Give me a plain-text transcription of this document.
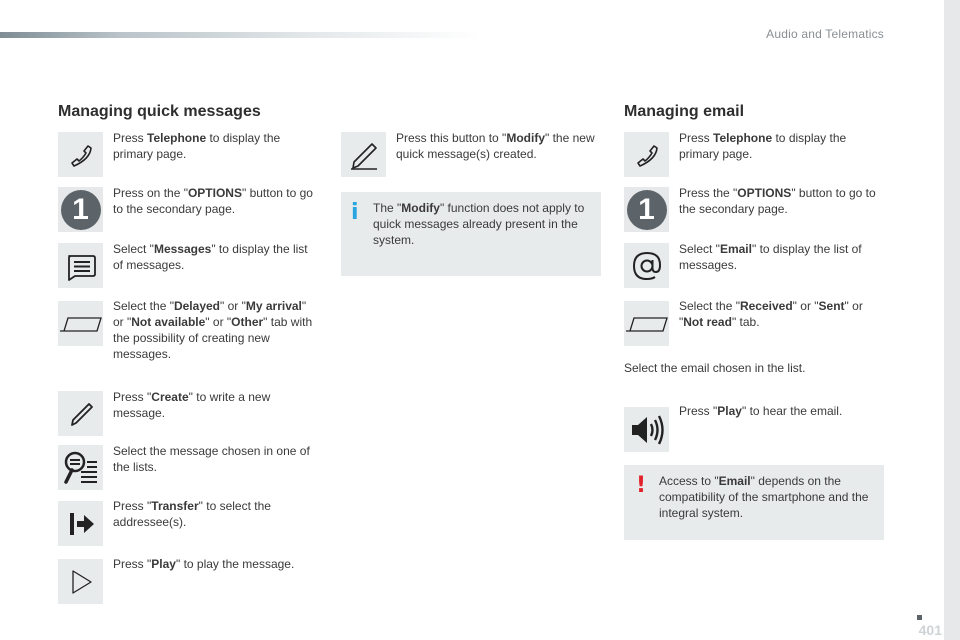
Audio and Telematics
Managing quick messages
Press Telephone to display the primary page.
1	Press on the "OPTIONS" button to go to the secondary page.
Select "Messages" to display the list of messages.
Select the "Delayed" or "My arrival" or "Not available" or "Other" tab with the possibility of creating new messages.
Press "Create" to write a new message.
Select the message chosen in one of the lists.
Press "Transfer" to select the addressee(s).
Press "Play" to play the message.
Press this button to "Modify" the new quick message(s) created.
i The "Modify" function does not apply to quick messages already present in the system.
Managing email
Press Telephone to display the primary page.
1	Press the "OPTIONS" button to go to the secondary page.
Select "Email" to display the list of messages.
Select the "Received" or "Sent" or "Not read" tab.
Select the email chosen in the list.
Press "Play" to hear the email.
! Access to "Email" depends on the compatibility of the smartphone and the integral system.
401
